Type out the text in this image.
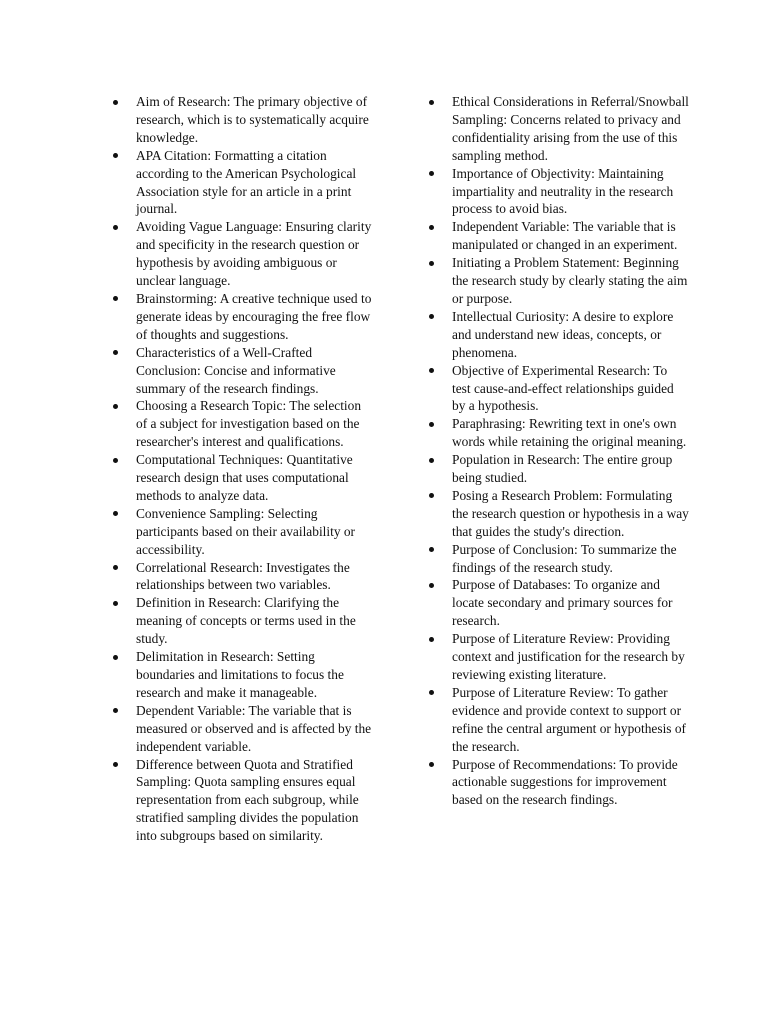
Aim of Research: The primary objective of research, which is to systematically acquire knowledge.
APA Citation: Formatting a citation according to the American Psychological Association style for an article in a print journal.
Avoiding Vague Language: Ensuring clarity and specificity in the research question or hypothesis by avoiding ambiguous or unclear language.
Brainstorming: A creative technique used to generate ideas by encouraging the free flow of thoughts and suggestions.
Characteristics of a Well-Crafted Conclusion: Concise and informative summary of the research findings.
Choosing a Research Topic: The selection of a subject for investigation based on the researcher's interest and qualifications.
Computational Techniques: Quantitative research design that uses computational methods to analyze data.
Convenience Sampling: Selecting participants based on their availability or accessibility.
Correlational Research: Investigates the relationships between two variables.
Definition in Research: Clarifying the meaning of concepts or terms used in the study.
Delimitation in Research: Setting boundaries and limitations to focus the research and make it manageable.
Dependent Variable: The variable that is measured or observed and is affected by the independent variable.
Difference between Quota and Stratified Sampling: Quota sampling ensures equal representation from each subgroup, while stratified sampling divides the population into subgroups based on similarity.
Ethical Considerations in Referral/Snowball Sampling: Concerns related to privacy and confidentiality arising from the use of this sampling method.
Importance of Objectivity: Maintaining impartiality and neutrality in the research process to avoid bias.
Independent Variable: The variable that is manipulated or changed in an experiment.
Initiating a Problem Statement: Beginning the research study by clearly stating the aim or purpose.
Intellectual Curiosity: A desire to explore and understand new ideas, concepts, or phenomena.
Objective of Experimental Research: To test cause-and-effect relationships guided by a hypothesis.
Paraphrasing: Rewriting text in one's own words while retaining the original meaning.
Population in Research: The entire group being studied.
Posing a Research Problem: Formulating the research question or hypothesis in a way that guides the study's direction.
Purpose of Conclusion: To summarize the findings of the research study.
Purpose of Databases: To organize and locate secondary and primary sources for research.
Purpose of Literature Review: Providing context and justification for the research by reviewing existing literature.
Purpose of Literature Review: To gather evidence and provide context to support or refine the central argument or hypothesis of the research.
Purpose of Recommendations: To provide actionable suggestions for improvement based on the research findings.
